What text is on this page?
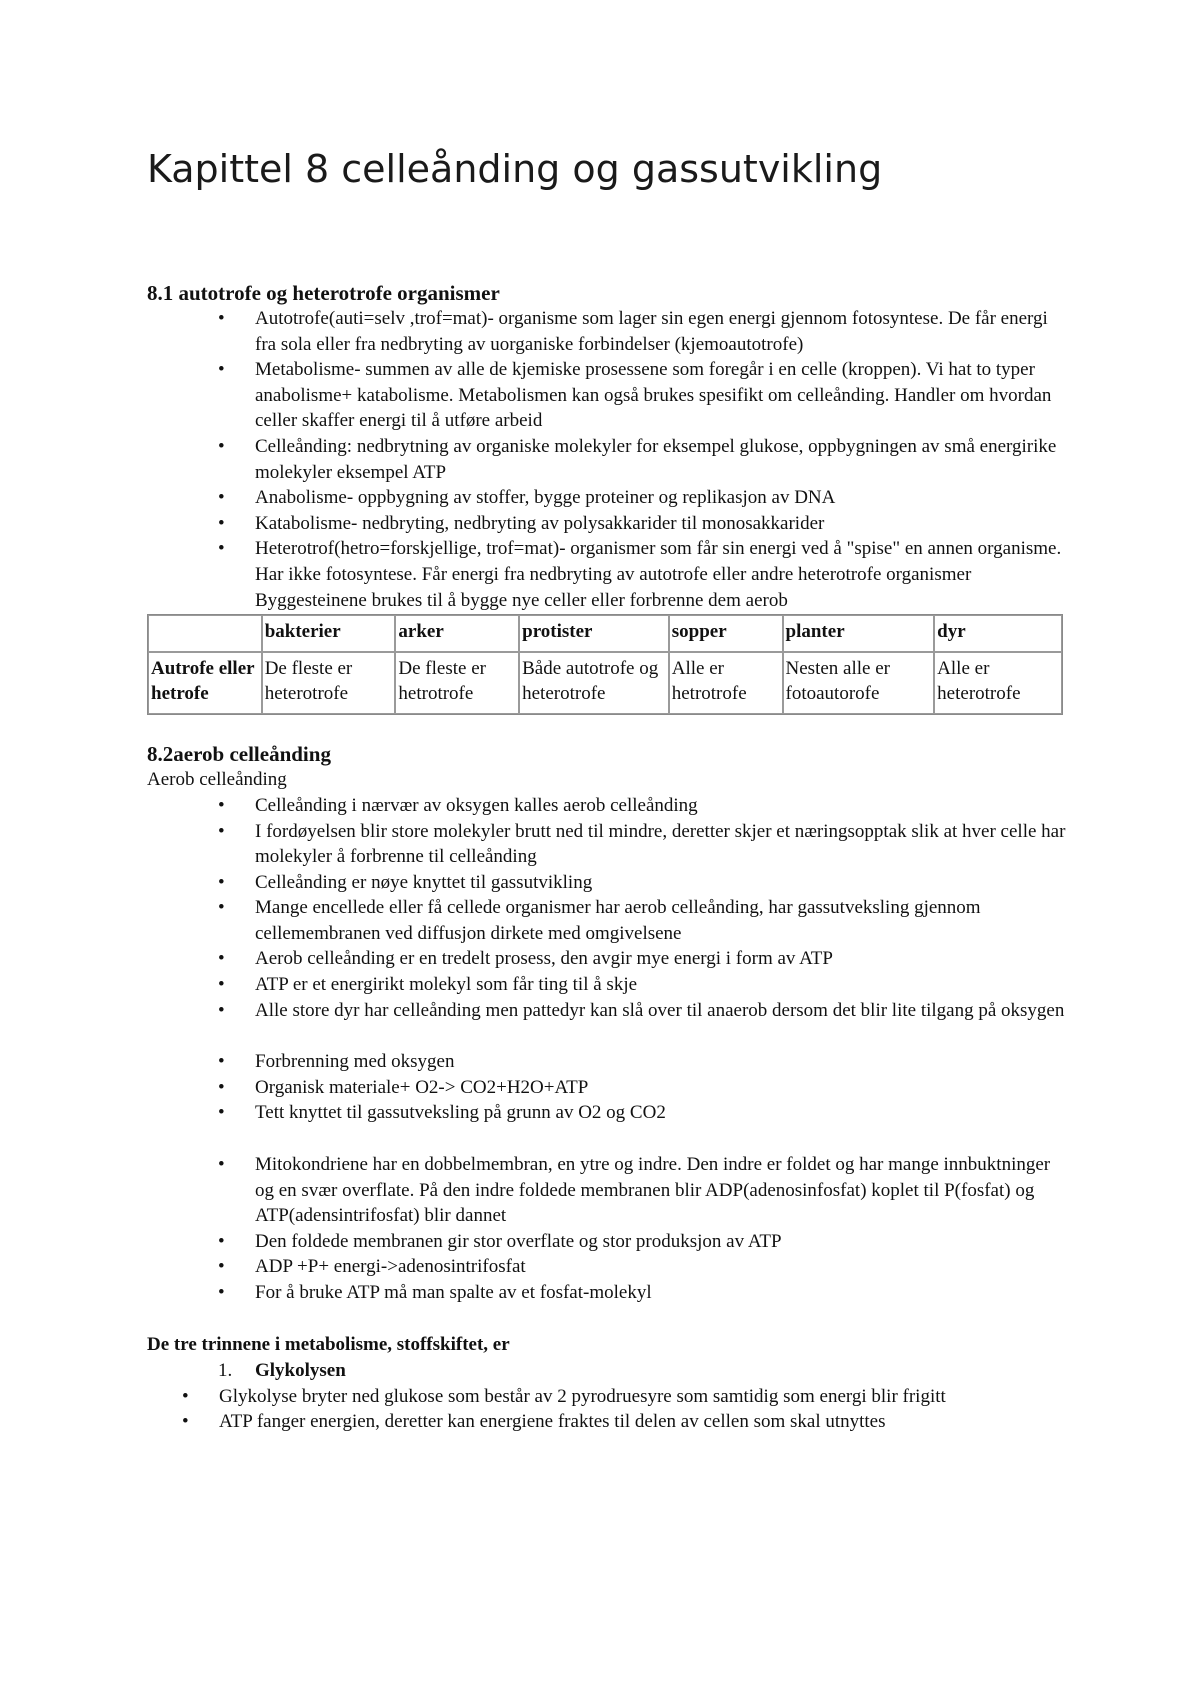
Kapittel 8 celleånding og gassutvikling
8.1 autotrofe og heterotrofe organismer
• Autotrofe(auti=selv ,trof=mat)- organisme som lager sin egen energi gjennom fotosyntese. De får energi fra sola eller fra nedbryting av uorganiske forbindelser (kjemoautotrofe)
• Metabolisme- summen av alle de kjemiske prosessene som foregår i en celle (kroppen). Vi hat to typer anabolisme+ katabolisme. Metabolismen kan også brukes spesifikt om celleånding. Handler om hvordan celler skaffer energi til å utføre arbeid
• Celleånding: nedbrytning av organiske molekyler for eksempel glukose, oppbygningen av små energirike molekyler eksempel ATP
• Anabolisme- oppbygning av stoffer, bygge proteiner og replikasjon av DNA
• Katabolisme- nedbryting, nedbryting av polysakkarider til monosakkarider
• Heterotrof(hetro=forskjellige, trof=mat)- organismer som får sin energi ved å "spise" en annen organisme. Har ikke fotosyntese. Får energi fra nedbryting av autotrofe eller andre heterotrofe organismer Byggesteinene brukes til å bygge nye celler eller forbrenne dem aerob
	bakterier	arker	protister	sopper	planter	dyr
Autrofe eller hetrofe	De fleste er heterotrofe	De fleste er hetrotrofe	Både autotrofe og heterotrofe	Alle er hetrotrofe	Nesten alle er fotoautorofe	Alle er heterotrofe
8.2aerob celleånding

Aerob celleånding

• Celleånding i nærvær av oksygen kalles aerob celleånding
• I fordøyelsen blir store molekyler brutt ned til mindre, deretter skjer et næringsopptak slik at hver celle har molekyler å forbrenne til celleånding
• Celleånding er nøye knyttet til gassutvikling
• Mange encellede eller få cellede organismer har aerob celleånding, har gassutveksling gjennom cellemembranen ved diffusjon dirkete med omgivelsene
• Aerob celleånding er en tredelt prosess, den avgir mye energi i form av ATP
• ATP er et energirikt molekyl som får ting til å skje
• Alle store dyr har celleånding men pattedyr kan slå over til anaerob dersom det blir lite tilgang på oksygen
• Forbrenning med oksygen
• Organisk materiale+ O2-> CO2+H2O+ATP
• Tett knyttet til gassutveksling på grunn av O2 og CO2
• Mitokondriene har en dobbelmembran, en ytre og indre. Den indre er foldet og har mange innbuktninger og en svær overflate. På den indre foldede membranen blir ADP(adenosinfosfat) koplet til P(fosfat) og ATP(adensintrifosfat) blir dannet
• Den foldede membranen gir stor overflate og stor produksjon av ATP
• ADP +P+ energi->adenosintrifosfat
• For å bruke ATP må man spalte av et fosfat-molekyl

De tre trinnene i metabolisme, stoffskiftet, er

1. Glykolysen
• Glykolyse bryter ned glukose som består av 2 pyrodruesyre som samtidig som energi blir frigitt
• ATP fanger energien, deretter kan energiene fraktes til delen av cellen som skal utnyttes
